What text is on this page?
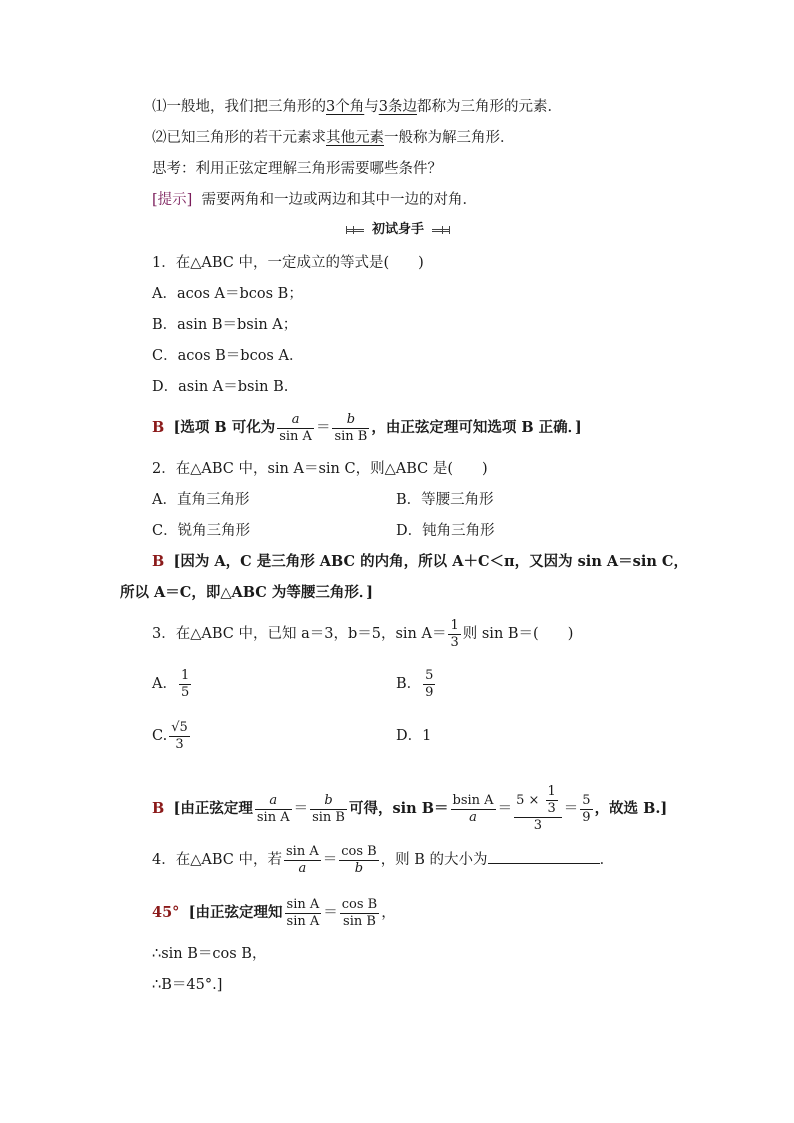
⑴一般地，我们把三角形的3个角与3条边都称为三角形的元素．
⑵已知三角形的若干元素求其他元素一般称为解三角形．
思考：利用正弦定理解三角形需要哪些条件？
[提示] 需要两角和一边或两边和其中一边的对角．
初试身手
1．在△ABC 中，一定成立的等式是(　　)
A．acos A＝bcos B；
B．asin B＝bsin A；
C．acos B＝bcos A．
D．asin A＝bsin B.
B [选项 B 可化为 $\frac{a}{\text{sin A}} = \frac{b}{\text{sin B}}$ ，由正弦定理可知选项 B 正确．]
2．在△ABC 中，sin A＝sin C，则△ABC 是(　　)
A．直角三角形	B．等腰三角形
C．锐角三角形	D．钝角三角形
B [因为 A，C 是三角形 ABC 的内角，所以 A＋C＜π，又因为 sin A＝sin C，
所以 A＝C，即△ABC 为等腰三角形．]
3．在△ABC 中，已知 a＝3，b＝5，$\sin A= \frac{1}{3}$ 则 sin B＝(　　)
A． $\frac{1}{5}$	B． $\frac{5}{9}$
C. $\frac{√5}{3}$	D．1
B [由正弦定理 $\frac{a}{\text{sin A}} = \frac{b}{\text{sin B}}$ 可得，$\sin B= \frac{\text{bsin A}}{a} = \frac{5 \times \frac{1}{3}}{3} = \frac{5}{9}$ ，故选 B.]
4．在△ABC 中，若 $\frac{\text{sin A}}{a} = \frac{\text{cos B}}{b}$ ，则 B 的大小为	．
45° [由正弦定理知 $\frac{\text{sin A}}{\text{sin A}} = \frac{\text{cos B}}{\text{sin B}}$ ，
∴sin B＝cos B，
∴B＝45°.]
